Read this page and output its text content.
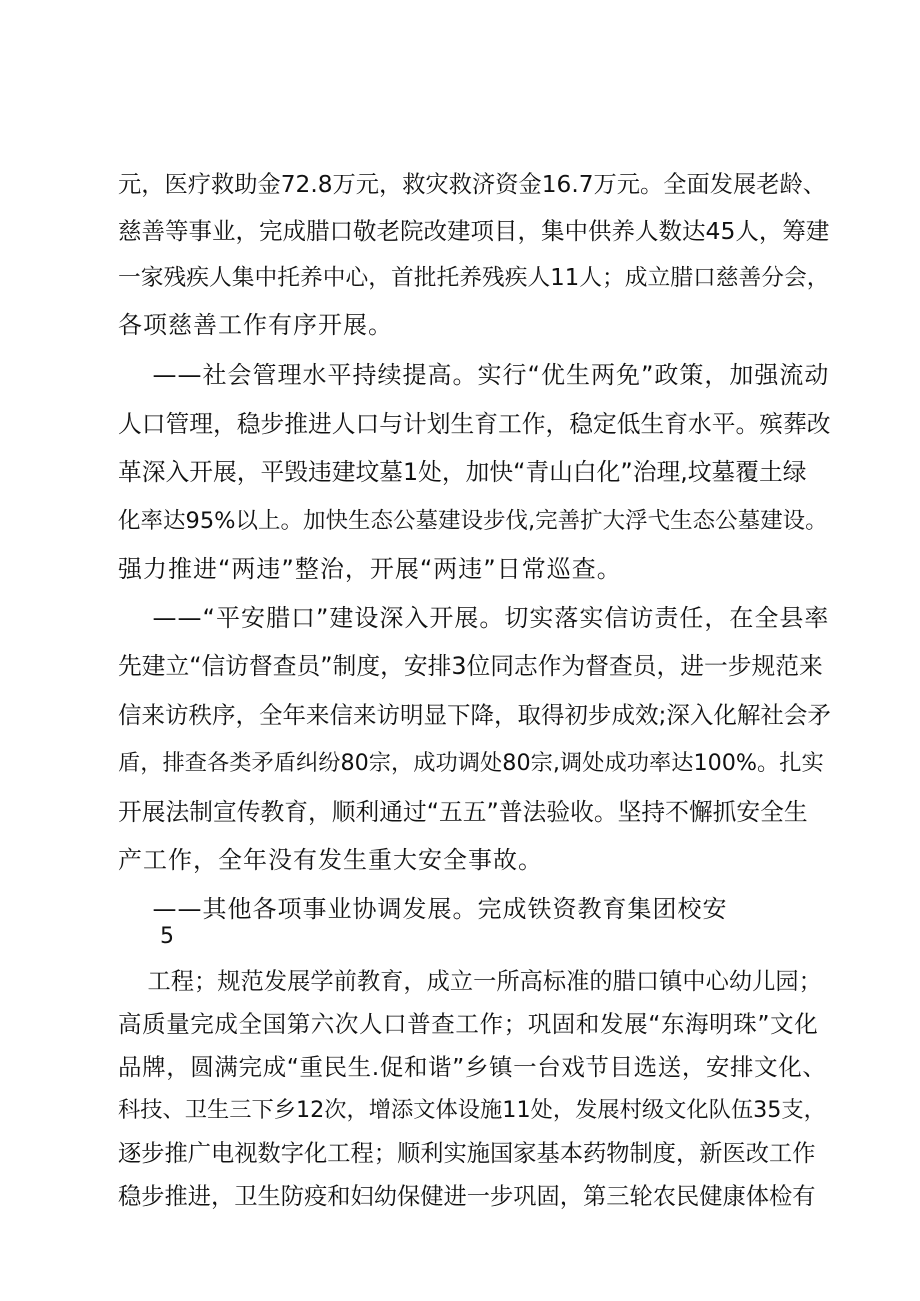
元，医疗救助金72.8万元，救灾救济资金16.7万元。全面发展老龄、
慈善等事业，完成腊口敬老院改建项目，集中供养人数达45人，筹建
一家残疾人集中托养中心，首批托养残疾人11人；成立腊口慈善分会，
各项慈善工作有序开展。
——社会管理水平持续提高。实行“优生两免”政策，加强流动
人口管理，稳步推进人口与计划生育工作，稳定低生育水平。殡葬改
革深入开展，平毁违建坟墓1处，加快“青山白化”治理,坟墓覆土绿
化率达95%以上。加快生态公墓建设步伐,完善扩大浮弋生态公墓建设。
强力推进“两违”整治，开展“两违”日常巡查。
——“平安腊口”建设深入开展。切实落实信访责任，在全县率
先建立“信访督查员”制度，安排3位同志作为督查员，进一步规范来
信来访秩序，全年来信来访明显下降，取得初步成效;深入化解社会矛
盾，排查各类矛盾纠纷80宗，成功调处80宗,调处成功率达100%。扎实
开展法制宣传教育，顺利通过“五五”普法验收。坚持不懈抓安全生
产工作，全年没有发生重大安全事故。
——其他各项事业协调发展。完成铁资教育集团校安
5
工程；规范发展学前教育，成立一所高标准的腊口镇中心幼儿园；
高质量完成全国第六次人口普查工作；巩固和发展“东海明珠”文化
品牌，圆满完成“重民生.促和谐”乡镇一台戏节目选送，安排文化、
科技、卫生三下乡12次，增添文体设施11处，发展村级文化队伍35支，
逐步推广电视数字化工程；顺利实施国家基本药物制度，新医改工作
稳步推进，卫生防疫和妇幼保健进一步巩固，第三轮农民健康体检有
